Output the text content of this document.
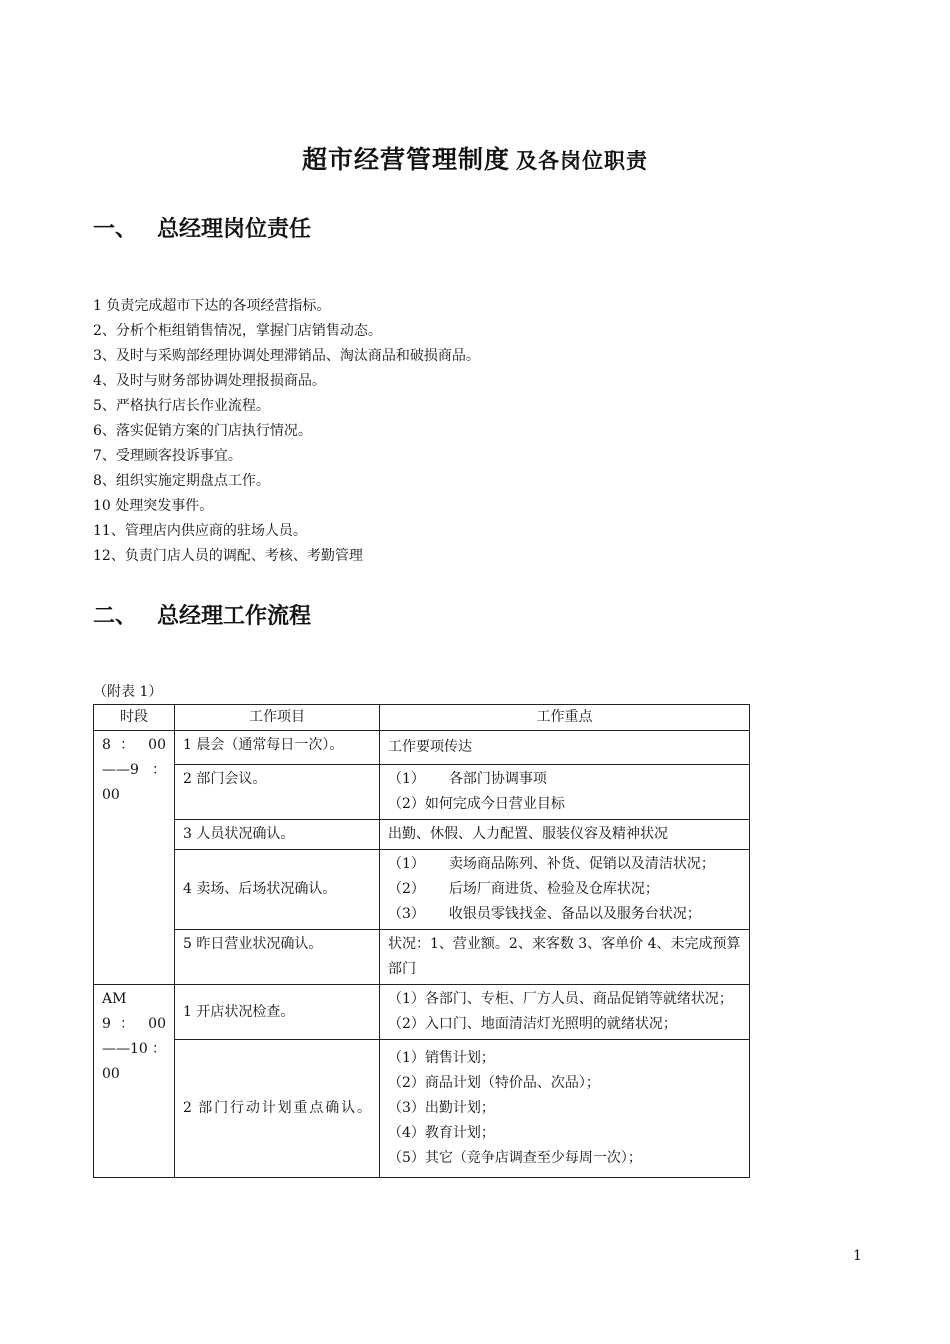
超市经营管理制度 及各岗位职责
一、 总经理岗位责任
1 负责完成超市下达的各项经营指标。
2、分析个柜组销售情况，掌握门店销售动态。
3、及时与采购部经理协调处理滞销品、淘汰商品和破损商品。
4、及时与财务部协调处理报损商品。
5、严格执行店长作业流程。
6、落实促销方案的门店执行情况。
7、受理顾客投诉事宜。
8、组织实施定期盘点工作。
10 处理突发事件。
11、管理店内供应商的驻场人员。
12、负责门店人员的调配、考核、考勤管理
二、 总经理工作流程
（附表 1）
时段	工作项目	工作重点

8 ： 00
——9 ：
00	1 晨会（通常每日一次）。	工作要项传达

	2 部门会议。	（1） 各部门协调事项
（2）如何完成今日营业目标

	3 人员状况确认。	出勤、休假、人力配置、服装仪容及精神状况

	4 卖场、后场状况确认。	（1） 卖场商品陈列、补货、促销以及清洁状况；
（2） 后场厂商进货、检验及仓库状况；
（3） 收银员零钱找金、备品以及服务台状况；

	5 昨日营业状况确认。	状况：1、营业额。2、来客数 3、客单价 4、未完成预算部门

AM
9 ： 00
——10：
00	1 开店状况检查。	（1）各部门、专柜、厂方人员、商品促销等就绪状况；
（2）入口门、地面清洁灯光照明的就绪状况；

	2 部门行动计划重点确认。	（1）销售计划；
（2）商品计划（特价品、次品）；
（3）出勤计划；
（4）教育计划；
（5）其它（竞争店调查至少每周一次）；
1
